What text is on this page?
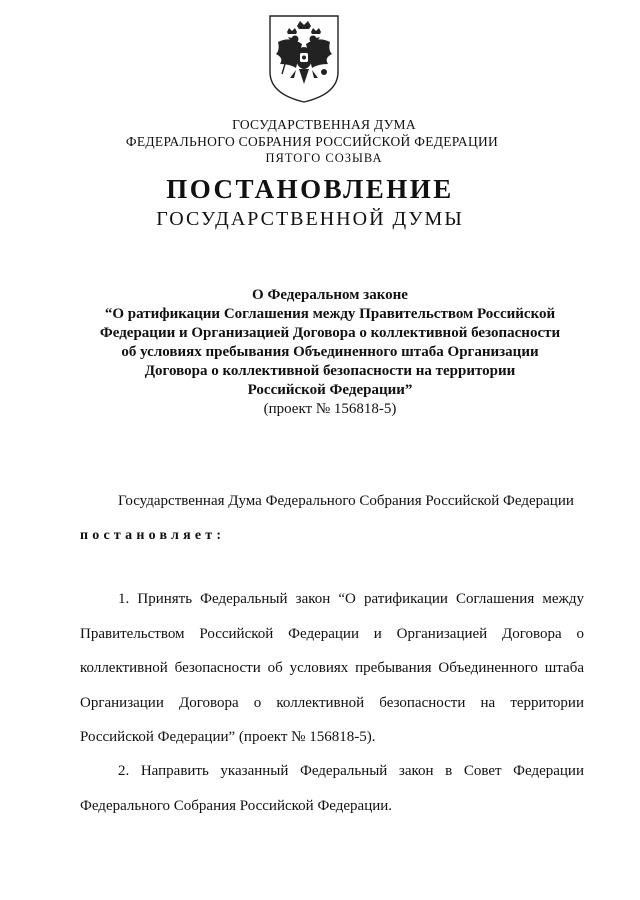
ГОСУДАРСТВЕННАЯ ДУМА
ФЕДЕРАЛЬНОГО СОБРАНИЯ РОССИЙСКОЙ ФЕДЕРАЦИИ
ПЯТОГО СОЗЫВА
ПОСТАНОВЛЕНИЕ
ГОСУДАРСТВЕННОЙ ДУМЫ
О Федеральном законе
“О ратификации Соглашения между Правительством Российской
Федерации и Организацией Договора о коллективной безопасности
об условиях пребывания Объединенного штаба Организации
Договора о коллективной безопасности на территории
Российской Федерации”
(проект № 156818-5)
Государственная Дума Федерального Собрания Российской Федерации
постановляет:
1. Принять Федеральный закон “О ратификации Соглашения между
Правительством Российской Федерации и Организацией Договора о
коллективной безопасности об условиях пребывания Объединенного штаба
Организации Договора о коллективной безопасности на территории
Российской Федерации” (проект № 156818-5).
2. Направить указанный Федеральный закон в Совет Федерации
Федерального Собрания Российской Федерации.
